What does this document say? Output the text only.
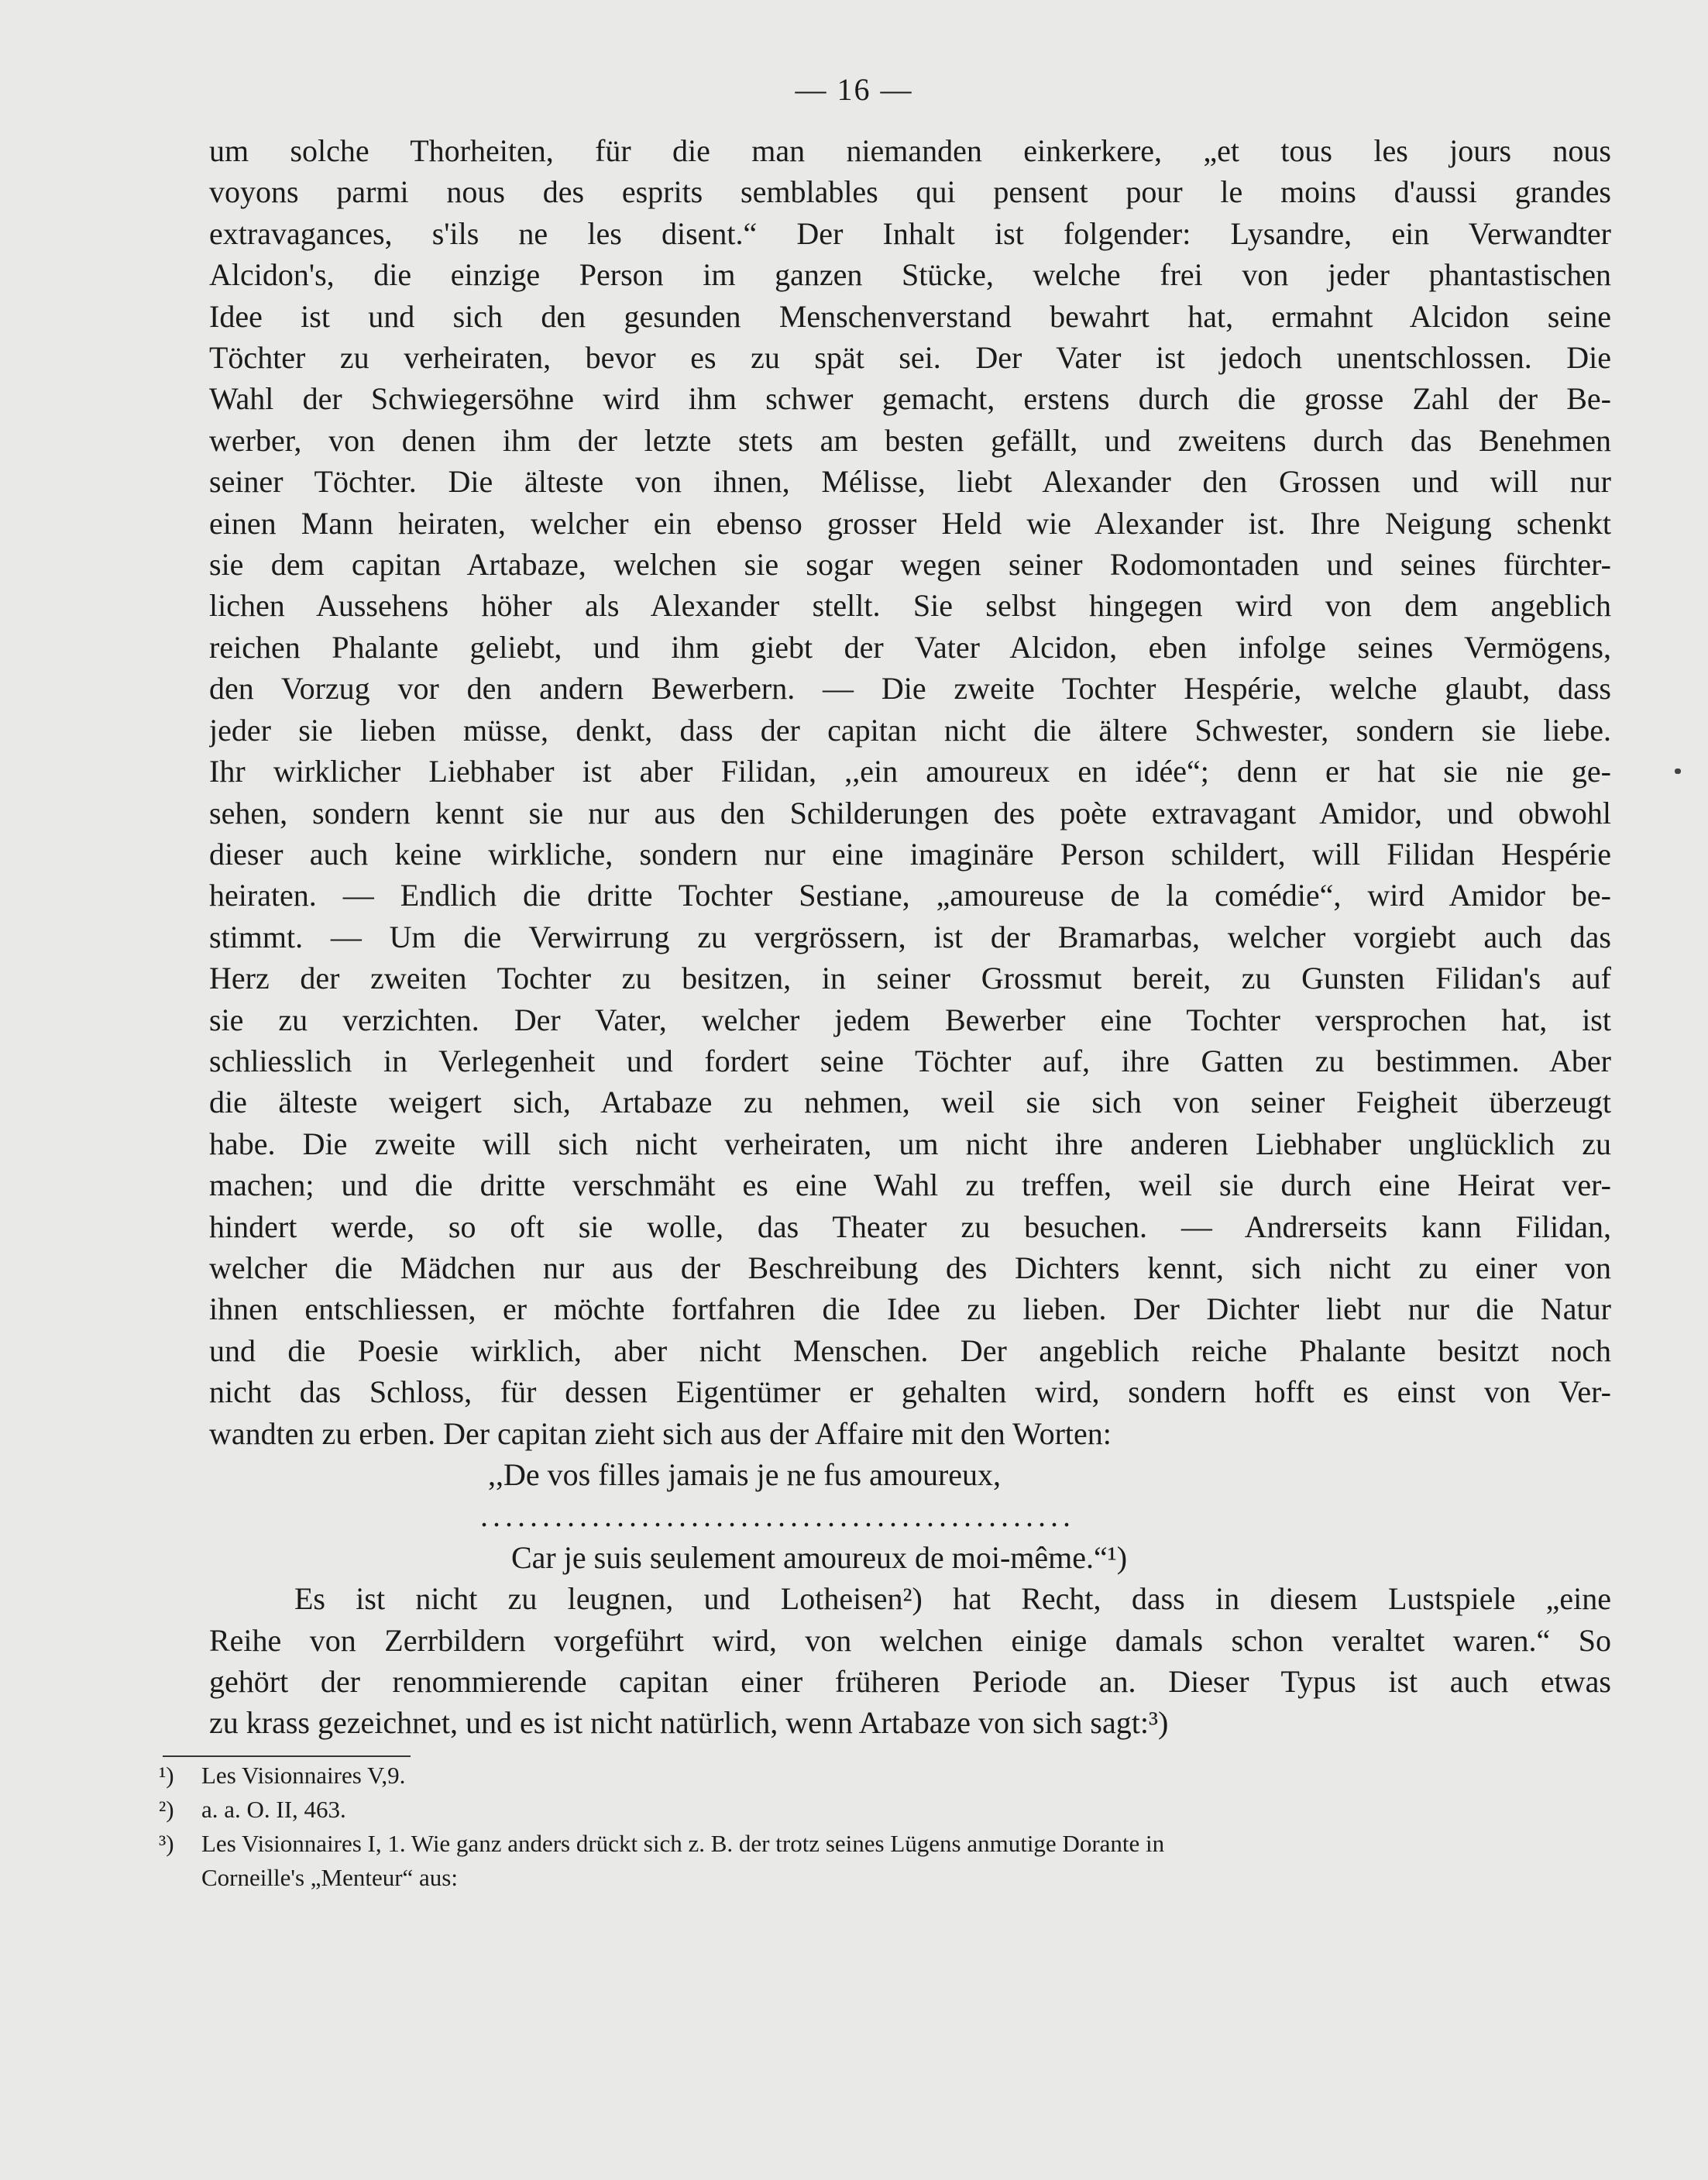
— 16 —
um solche Thorheiten, für die man niemanden einkerkere, „et tous les jours nous
voyons parmi nous des esprits semblables qui pensent pour le moins d'aussi grandes
extravagances, s'ils ne les disent.“ Der Inhalt ist folgender: Lysandre, ein Verwandter
Alcidon's, die einzige Person im ganzen Stücke, welche frei von jeder phantastischen
Idee ist und sich den gesunden Menschenverstand bewahrt hat, ermahnt Alcidon seine
Töchter zu verheiraten, bevor es zu spät sei. Der Vater ist jedoch unentschlossen. Die
Wahl der Schwiegersöhne wird ihm schwer gemacht, erstens durch die grosse Zahl der Be-
werber, von denen ihm der letzte stets am besten gefällt, und zweitens durch das Benehmen
seiner Töchter. Die älteste von ihnen, Mélisse, liebt Alexander den Grossen und will nur
einen Mann heiraten, welcher ein ebenso grosser Held wie Alexander ist. Ihre Neigung schenkt
sie dem capitan Artabaze, welchen sie sogar wegen seiner Rodomontaden und seines fürchter-
lichen Aussehens höher als Alexander stellt. Sie selbst hingegen wird von dem angeblich
reichen Phalante geliebt, und ihm giebt der Vater Alcidon, eben infolge seines Vermögens,
den Vorzug vor den andern Bewerbern. — Die zweite Tochter Hespérie, welche glaubt, dass
jeder sie lieben müsse, denkt, dass der capitan nicht die ältere Schwester, sondern sie liebe.
Ihr wirklicher Liebhaber ist aber Filidan, ,,ein amoureux en idée“; denn er hat sie nie ge-
sehen, sondern kennt sie nur aus den Schilderungen des poète extravagant Amidor, und obwohl
dieser auch keine wirkliche, sondern nur eine imaginäre Person schildert, will Filidan Hespérie
heiraten. — Endlich die dritte Tochter Sestiane, „amoureuse de la comédie“, wird Amidor be-
stimmt. — Um die Verwirrung zu vergrössern, ist der Bramarbas, welcher vorgiebt auch das
Herz der zweiten Tochter zu besitzen, in seiner Grossmut bereit, zu Gunsten Filidan's auf
sie zu verzichten. Der Vater, welcher jedem Bewerber eine Tochter versprochen hat, ist
schliesslich in Verlegenheit und fordert seine Töchter auf, ihre Gatten zu bestimmen. Aber
die älteste weigert sich, Artabaze zu nehmen, weil sie sich von seiner Feigheit überzeugt
habe. Die zweite will sich nicht verheiraten, um nicht ihre anderen Liebhaber unglücklich zu
machen; und die dritte verschmäht es eine Wahl zu treffen, weil sie durch eine Heirat ver-
hindert werde, so oft sie wolle, das Theater zu besuchen. — Andrerseits kann Filidan,
welcher die Mädchen nur aus der Beschreibung des Dichters kennt, sich nicht zu einer von
ihnen entschliessen, er möchte fortfahren die Idee zu lieben. Der Dichter liebt nur die Natur
und die Poesie wirklich, aber nicht Menschen. Der angeblich reiche Phalante besitzt noch
nicht das Schloss, für dessen Eigentümer er gehalten wird, sondern hofft es einst von Ver-
wandten zu erben. Der capitan zieht sich aus der Affaire mit den Worten:
,,De vos filles jamais je ne fus amoureux,
................................................
Car je suis seulement amoureux de moi-même.“¹)
Es ist nicht zu leugnen, und Lotheisen²) hat Recht, dass in diesem Lustspiele „eine
Reihe von Zerrbildern vorgeführt wird, von welchen einige damals schon veraltet waren.“ So
gehört der renommierende capitan einer früheren Periode an. Dieser Typus ist auch etwas
zu krass gezeichnet, und es ist nicht natürlich, wenn Artabaze von sich sagt:³)
¹) Les Visionnaires V,9.
²) a. a. O. II, 463.
³) Les Visionnaires I, 1. Wie ganz anders drückt sich z. B. der trotz seines Lügens anmutige Dorante in
Corneille's „Menteur“ aus:
